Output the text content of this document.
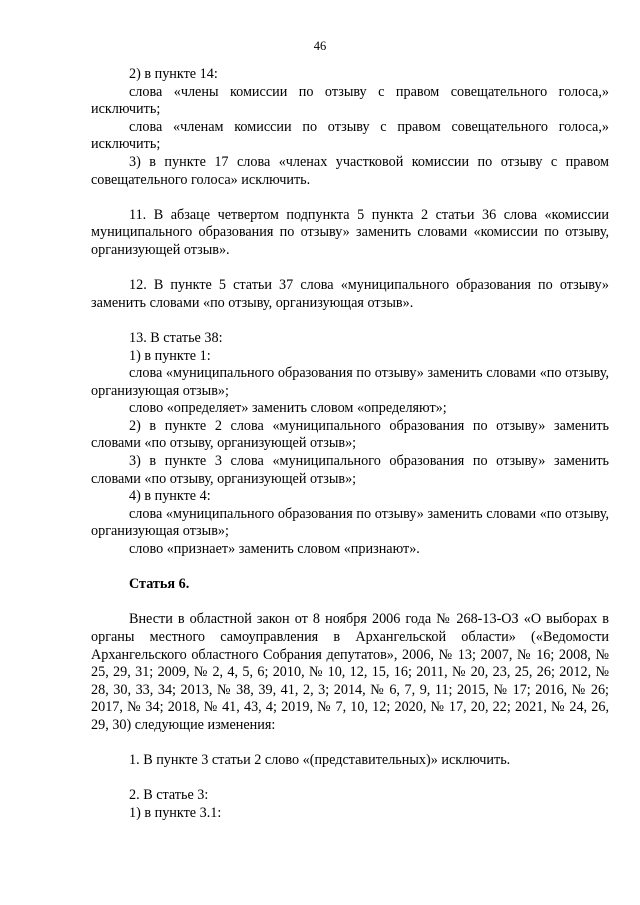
46

2) в пункте 14:

слова «члены комиссии по отзыву с правом совещательного голоса,» исключить;

слова «членам комиссии по отзыву с правом совещательного голоса,» исключить;

3) в пункте 17 слова «членах участковой комиссии по отзыву с правом совещательного голоса» исключить.

11. В абзаце четвертом подпункта 5 пункта 2 статьи 36 слова «комиссии муниципального образования по отзыву» заменить словами «комиссии по отзыву, организующей отзыв».

12. В пункте 5 статьи 37 слова «муниципального образования по отзыву» заменить словами «по отзыву, организующая отзыв».

13. В статье 38:

1) в пункте 1:

слова «муниципального образования по отзыву» заменить словами «по отзыву, организующая отзыв»;

слово «определяет» заменить словом «определяют»;

2) в пункте 2 слова «муниципального образования по отзыву» заменить словами «по отзыву, организующей отзыв»;

3) в пункте 3 слова «муниципального образования по отзыву» заменить словами «по отзыву, организующей отзыв»;

4) в пункте 4:

слова «муниципального образования по отзыву» заменить словами «по отзыву, организующая отзыв»;

слово «признает» заменить словом «признают».

Статья 6.

Внести в областной закон от 8 ноября 2006 года № 268-13-ОЗ «О выборах в органы местного самоуправления в Архангельской области» («Ведомости Архангельского областного Собрания депутатов», 2006, № 13; 2007, № 16; 2008, № 25, 29, 31; 2009, № 2, 4, 5, 6; 2010, № 10, 12, 15, 16; 2011, № 20, 23, 25, 26; 2012, № 28, 30, 33, 34; 2013, № 38, 39, 41, 2, 3; 2014, № 6, 7, 9, 11; 2015, № 17; 2016, № 26; 2017, № 34; 2018, № 41, 43, 4; 2019, № 7, 10, 12; 2020, № 17, 20, 22; 2021, № 24, 26, 29, 30) следующие изменения:

1. В пункте 3 статьи 2 слово «(представительных)» исключить.

2. В статье 3:

1) в пункте 3.1:
